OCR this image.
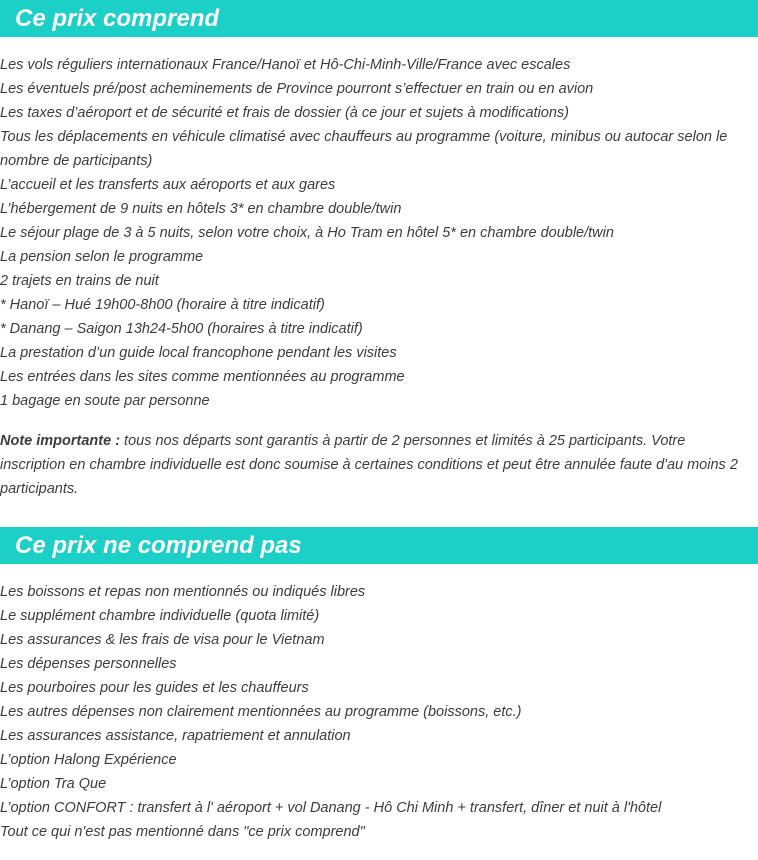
Ce prix comprend
Les vols réguliers internationaux France/Hanoï et Hô-Chi-Minh-Ville/France avec escales
Les éventuels pré/post acheminements de Province pourront s’effectuer en train ou en avion
Les taxes d’aéroport et de sécurité et frais de dossier (à ce jour et sujets à modifications)
Tous les déplacements en véhicule climatisé avec chauffeurs au programme (voiture, minibus ou autocar selon le nombre de participants)
L’accueil et les transferts aux aéroports et aux gares
L’hébergement de 9 nuits en hôtels 3* en chambre double/twin
Le séjour plage de 3 à 5 nuits, selon votre choix, à Ho Tram en hôtel 5* en chambre double/twin
La pension selon le programme
2 trajets en trains de nuit
* Hanoï – Hué 19h00-8h00 (horaire à titre indicatif)
* Danang – Saigon 13h24-5h00 (horaires à titre indicatif)
La prestation d’un guide local francophone pendant les visites
Les entrées dans les sites comme mentionnées au programme
1 bagage en soute par personne

Note importante : tous nos départs sont garantis à partir de 2 personnes et limités à 25 participants. Votre inscription en chambre individuelle est donc soumise à certaines conditions et peut être annulée faute d'au moins 2 participants.

Ce prix ne comprend pas
Les boissons et repas non mentionnés ou indiqués libres
Le supplément chambre individuelle (quota limité)
Les assurances & les frais de visa pour le Vietnam
Les dépenses personnelles
Les pourboires pour les guides et les chauffeurs
Les autres dépenses non clairement mentionnées au programme (boissons, etc.)
Les assurances assistance, rapatriement et annulation
L’option Halong Expérience
L’option Tra Que
L’option CONFORT : transfert à l' aéroport + vol Danang - Hô Chi Minh + transfert, dîner et nuit à l'hôtel
Tout ce qui n'est pas mentionné dans "ce prix comprend"
